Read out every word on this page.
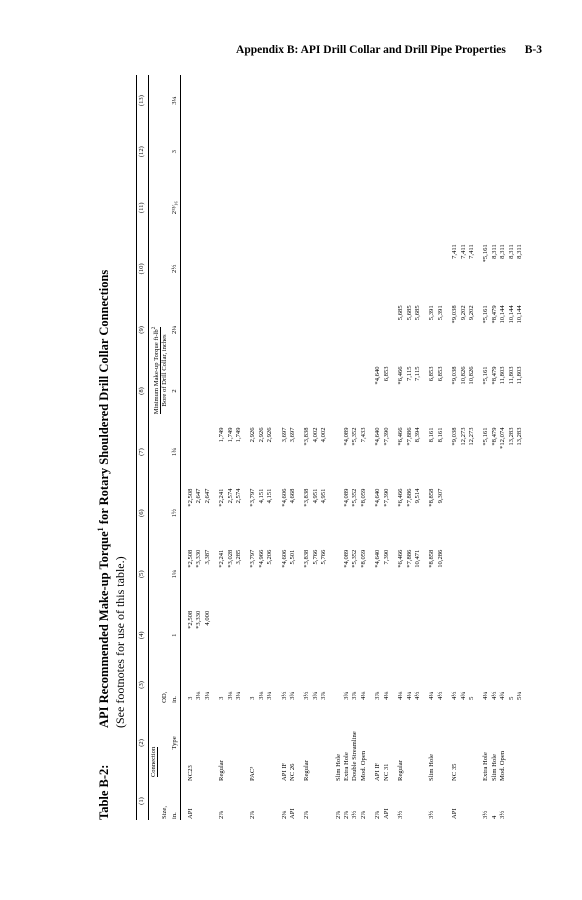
Appendix B: API Drill Collar and Drill Pipe Properties B-3
Table B-2:API Recommended Make-up Torque$^1$ for Rotary Shouldered Drill Collar Connections
(See footnotes for use of this table.)
(1)	(2)	(3)	(4)	(5)	(6)	(7)	(8)	(9)	(10)	(11)	(12)	(13)
Connection			Minimum Make-up Torque $ft-lb^2$
Size,		OD,	Bore of Drill Collar, inches									
in.	Type	in.	1	1¼	1½	1¾	2	2¼	2½	2¹³⁄₁₆	3	3¼
API	NC23	3	*2,508	*2,508	*2,508							
		3⅛	*3,330	*3,330	2,647							
		3¼	4,000	3,387	2,647							
2⅞	Regular	3		*2,241	*2,241	1,749						
		3⅛		*3,028	2,574	1,749						
		3¼		3,285	2,574	1,749						
2⅞	PAC³	3		*3,797	*3,797	2,926						
		3⅛		*4,966	4,151	2,926						
		3¼		5,206	4,151	2,926						
2⅜	API IF	3½		*4,606	*4,606	3,697						
API	NC 26	3¾		5,501	4,668	3,697						
2⅞	Regular	3½		*3,838	*3,838	*3,838						
		3¾		5,766	4,951	4,002						
		3⅞		5,766	4,951	4,002						
2⅞	Slim Hole											
2⅞	Extra Hole	3¾		*4,089	*4,089	*4,089						
3½	Double Streamline	3⅞		*5,352	*5,352	*5,352						
2⅞	Mod. Open	4⅛		*8,059	*8,059	7,433						
2⅞	API IF	3⅞		*4,640	*4,640	*4,640	*4,640					
API	NC 31	4⅛		7,390	*7,390	*7,390	6,853					
3½	Regular	4⅛		*6,466	*6,466	*6,466	*6,466	5,685				
		4¼		*7,886	*7,886	*7,886	7,115	5,685				
		4½		10,471	9,514	8,394	7,115	5,685				
3½	Slim Hole	4¼		*8,858	*8,858	8,161	6,853	5,391				
		4½		10,286	9,307	8,161	6,853	5,391				
API	NC 35	4½				*9,038	*9,038	*9,038	7,411			
		4¾				12,273	10,826	9,202	7,411			
		5				12,273	10,826	9,202	7,411			
3½	Extra Hole	4¼				*5,161	*5,161	*5,161	*5,161			
4	Slim Hole	4½				*8,479	*8,479	*8,479	8,311			
3½	Mod. Open	4¾				*12,074	11,803	10,144	8,311			
		5				13,283	11,803	10,144	8,311			
		5¼				13,283	11,803	10,144	8,311			
